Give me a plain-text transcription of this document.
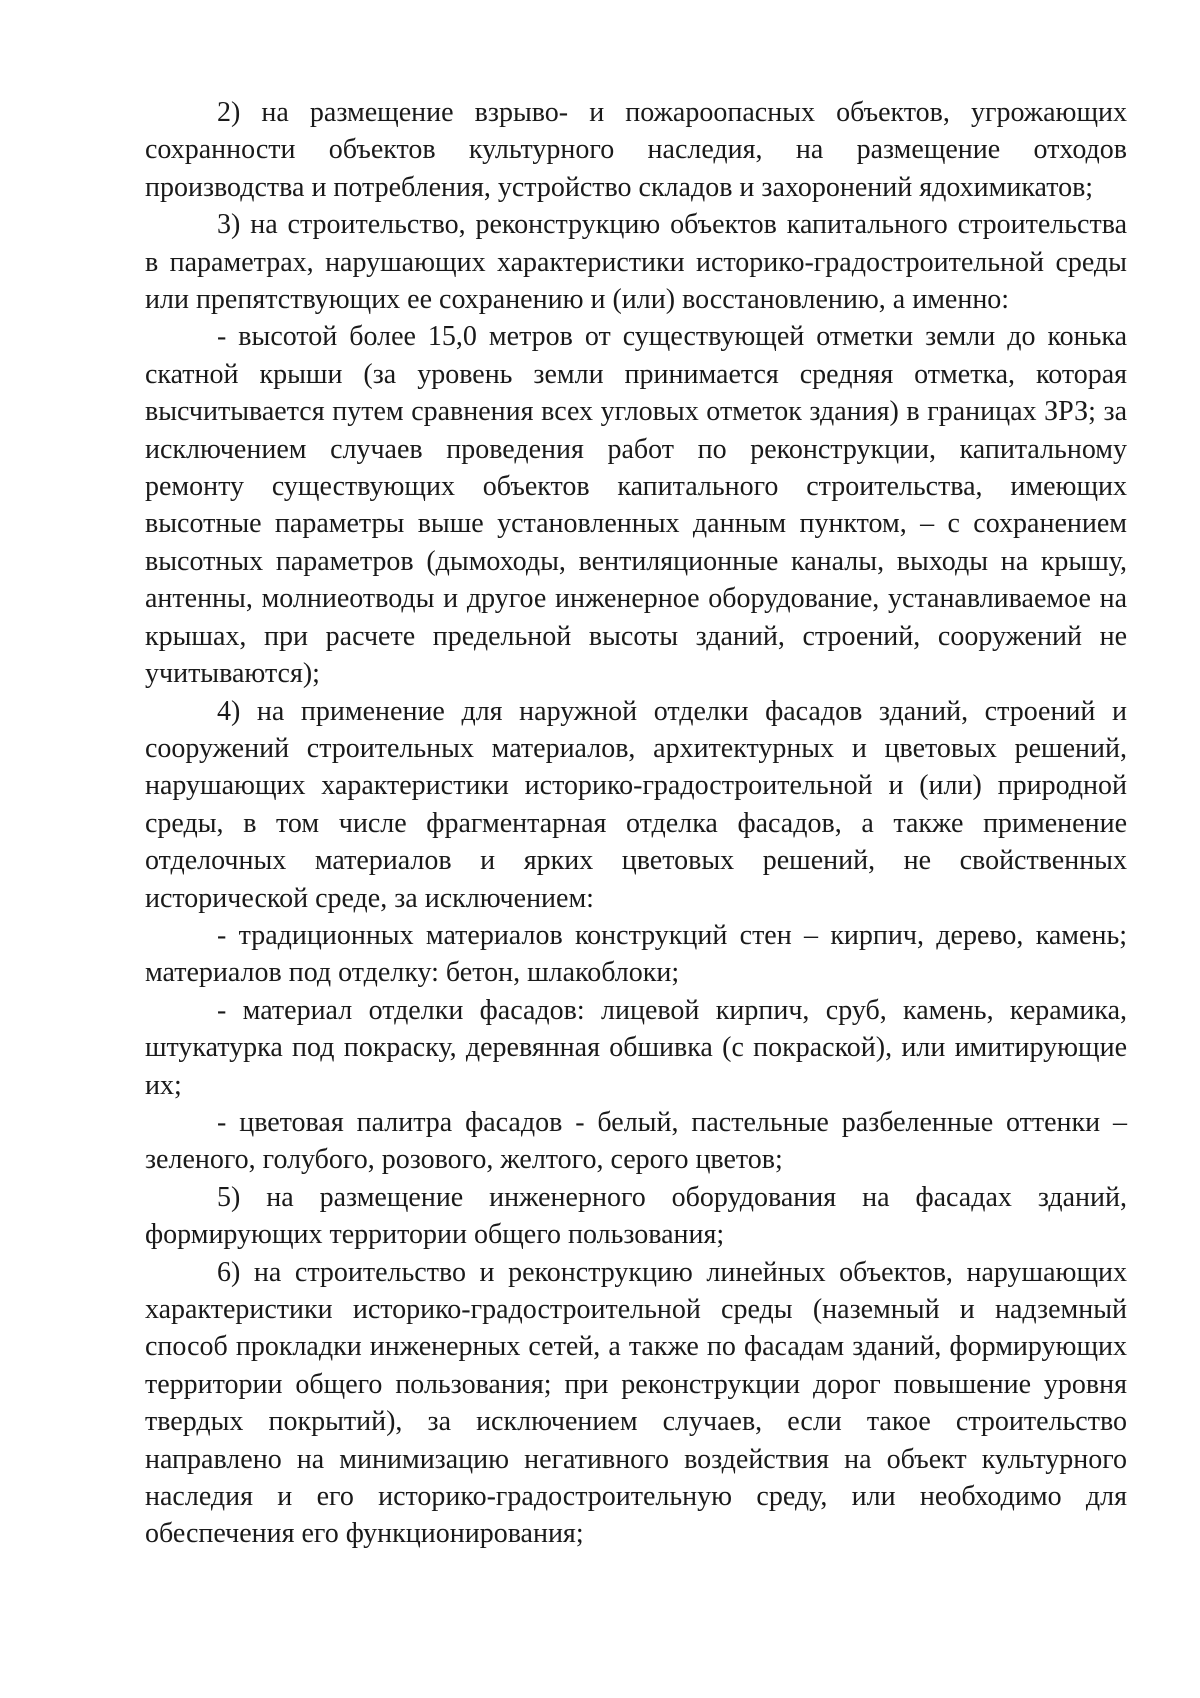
2) на размещение взрыво- и пожароопасных объектов, угрожающих сохранности объектов культурного наследия, на размещение отходов производства и потребления, устройство складов и захоронений ядохимикатов;

3) на строительство, реконструкцию объектов капитального строительства в параметрах, нарушающих характеристики историко-градостроительной среды или препятствующих ее сохранению и (или) восстановлению, а именно:

- высотой более 15,0 метров от существующей отметки земли до конька скатной крыши (за уровень земли принимается средняя отметка, которая высчитывается путем сравнения всех угловых отметок здания) в границах ЗРЗ; за исключением случаев проведения работ по реконструкции, капитальному ремонту существующих объектов капитального строительства, имеющих высотные параметры выше установленных данным пунктом, – с сохранением высотных параметров (дымоходы, вентиляционные каналы, выходы на крышу, антенны, молниеотводы и другое инженерное оборудование, устанавливаемое на крышах, при расчете предельной высоты зданий, строений, сооружений не учитываются);

4) на применение для наружной отделки фасадов зданий, строений и сооружений строительных материалов, архитектурных и цветовых решений, нарушающих характеристики историко-градостроительной и (или) природной среды, в том числе фрагментарная отделка фасадов, а также применение отделочных материалов и ярких цветовых решений, не свойственных исторической среде, за исключением:

- традиционных материалов конструкций стен – кирпич, дерево, камень; материалов под отделку: бетон, шлакоблоки;

- материал отделки фасадов: лицевой кирпич, сруб, камень, керамика, штукатурка под покраску, деревянная обшивка (с покраской), или имитирующие их;

- цветовая палитра фасадов - белый, пастельные разбеленные оттенки – зеленого, голубого, розового, желтого, серого цветов;

5) на размещение инженерного оборудования на фасадах зданий, формирующих территории общего пользования;

6) на строительство и реконструкцию линейных объектов, нарушающих характеристики историко-градостроительной среды (наземный и надземный способ прокладки инженерных сетей, а также по фасадам зданий, формирующих территории общего пользования; при реконструкции дорог повышение уровня твердых покрытий), за исключением случаев, если такое строительство направлено на минимизацию негативного воздействия на объект культурного наследия и его историко-градостроительную среду, или необходимо для обеспечения его функционирования;
